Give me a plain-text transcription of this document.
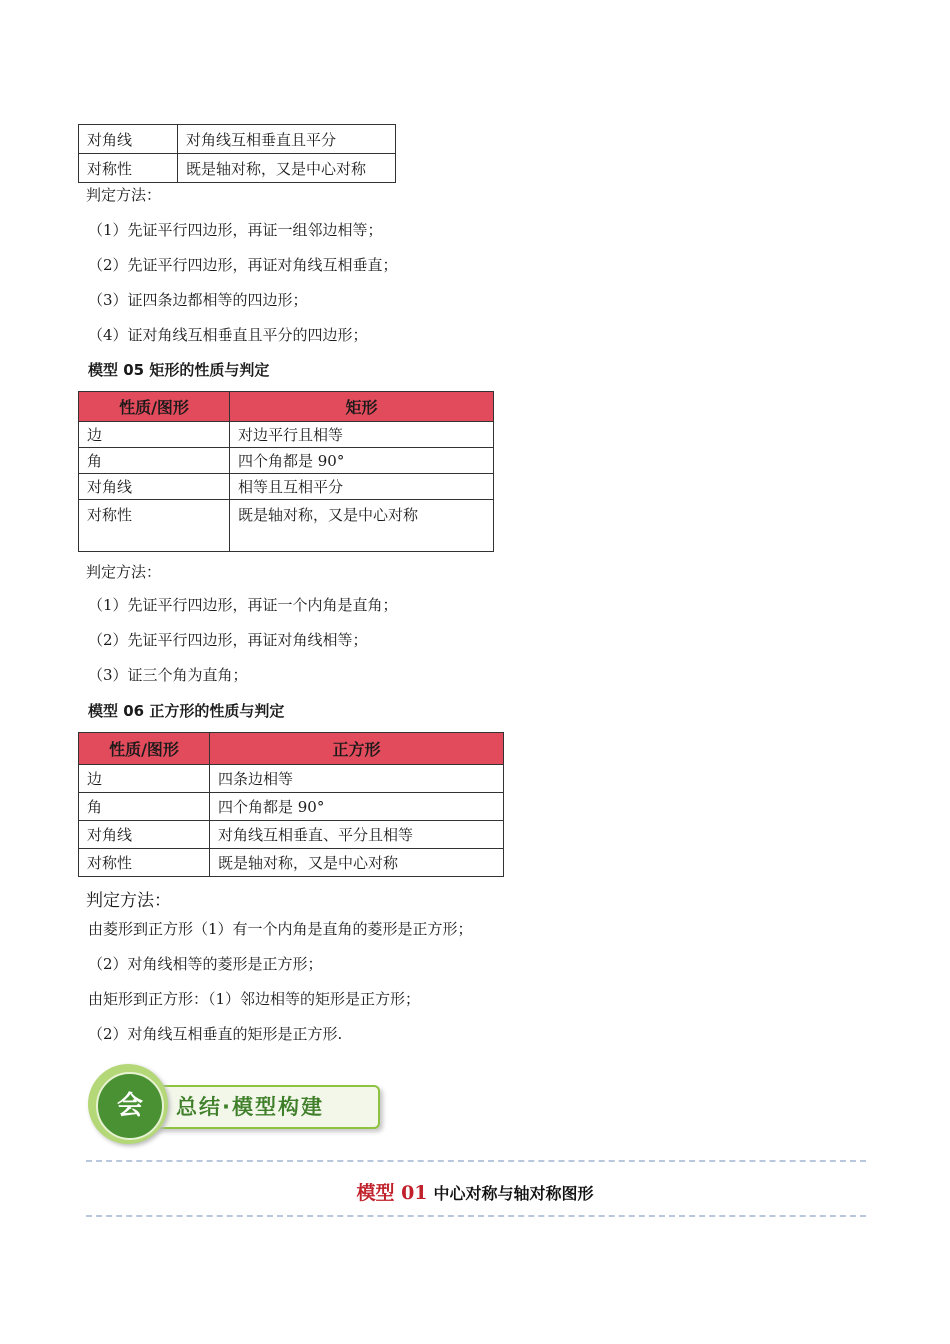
对角线	对角线互相垂直且平分
对称性	既是轴对称，又是中心对称
判定方法：
（1）先证平行四边形，再证一组邻边相等；
（2）先证平行四边形，再证对角线互相垂直；
（3）证四条边都相等的四边形；
（4）证对角线互相垂直且平分的四边形；
模型 05 矩形的性质与判定
性质/图形	矩形
边	对边平行且相等
角	四个角都是 90°
对角线	相等且互相平分
对称性	既是轴对称，又是中心对称
判定方法：
（1）先证平行四边形，再证一个内角是直角；
（2）先证平行四边形，再证对角线相等；
（3）证三个角为直角；
模型 06 正方形的性质与判定
性质/图形	正方形
边	四条边相等
角	四个角都是 90°
对角线	对角线互相垂直、平分且相等
对称性	既是轴对称，又是中心对称
判定方法：
由菱形到正方形（1）有一个内角是直角的菱形是正方形；
（2）对角线相等的菱形是正方形；
由矩形到正方形：（1）邻边相等的矩形是正方形；
（2）对角线互相垂直的矩形是正方形.
总结·模型构建
会
模型 01 中心对称与轴对称图形
